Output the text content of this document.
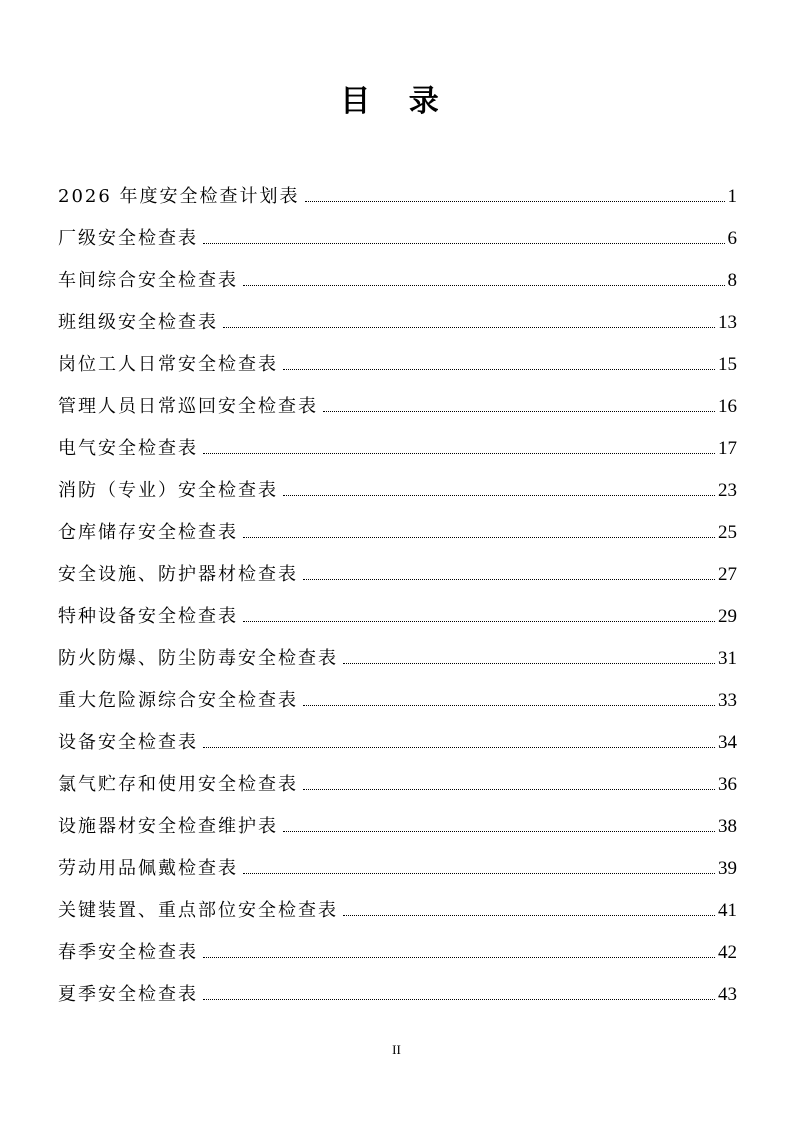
目 录
2026 年度安全检查计划表	1
厂级安全检查表	6
车间综合安全检查表	8
班组级安全检查表	13
岗位工人日常安全检查表	15
管理人员日常巡回安全检查表	16
电气安全检查表	17
消防（专业）安全检查表	23
仓库储存安全检查表	25
安全设施、防护器材检查表	27
特种设备安全检查表	29
防火防爆、防尘防毒安全检查表	31
重大危险源综合安全检查表	33
设备安全检查表	34
氯气贮存和使用安全检查表	36
设施器材安全检查维护表	38
劳动用品佩戴检查表	39
关键装置、重点部位安全检查表	41
春季安全检查表	42
夏季安全检查表	43
II
